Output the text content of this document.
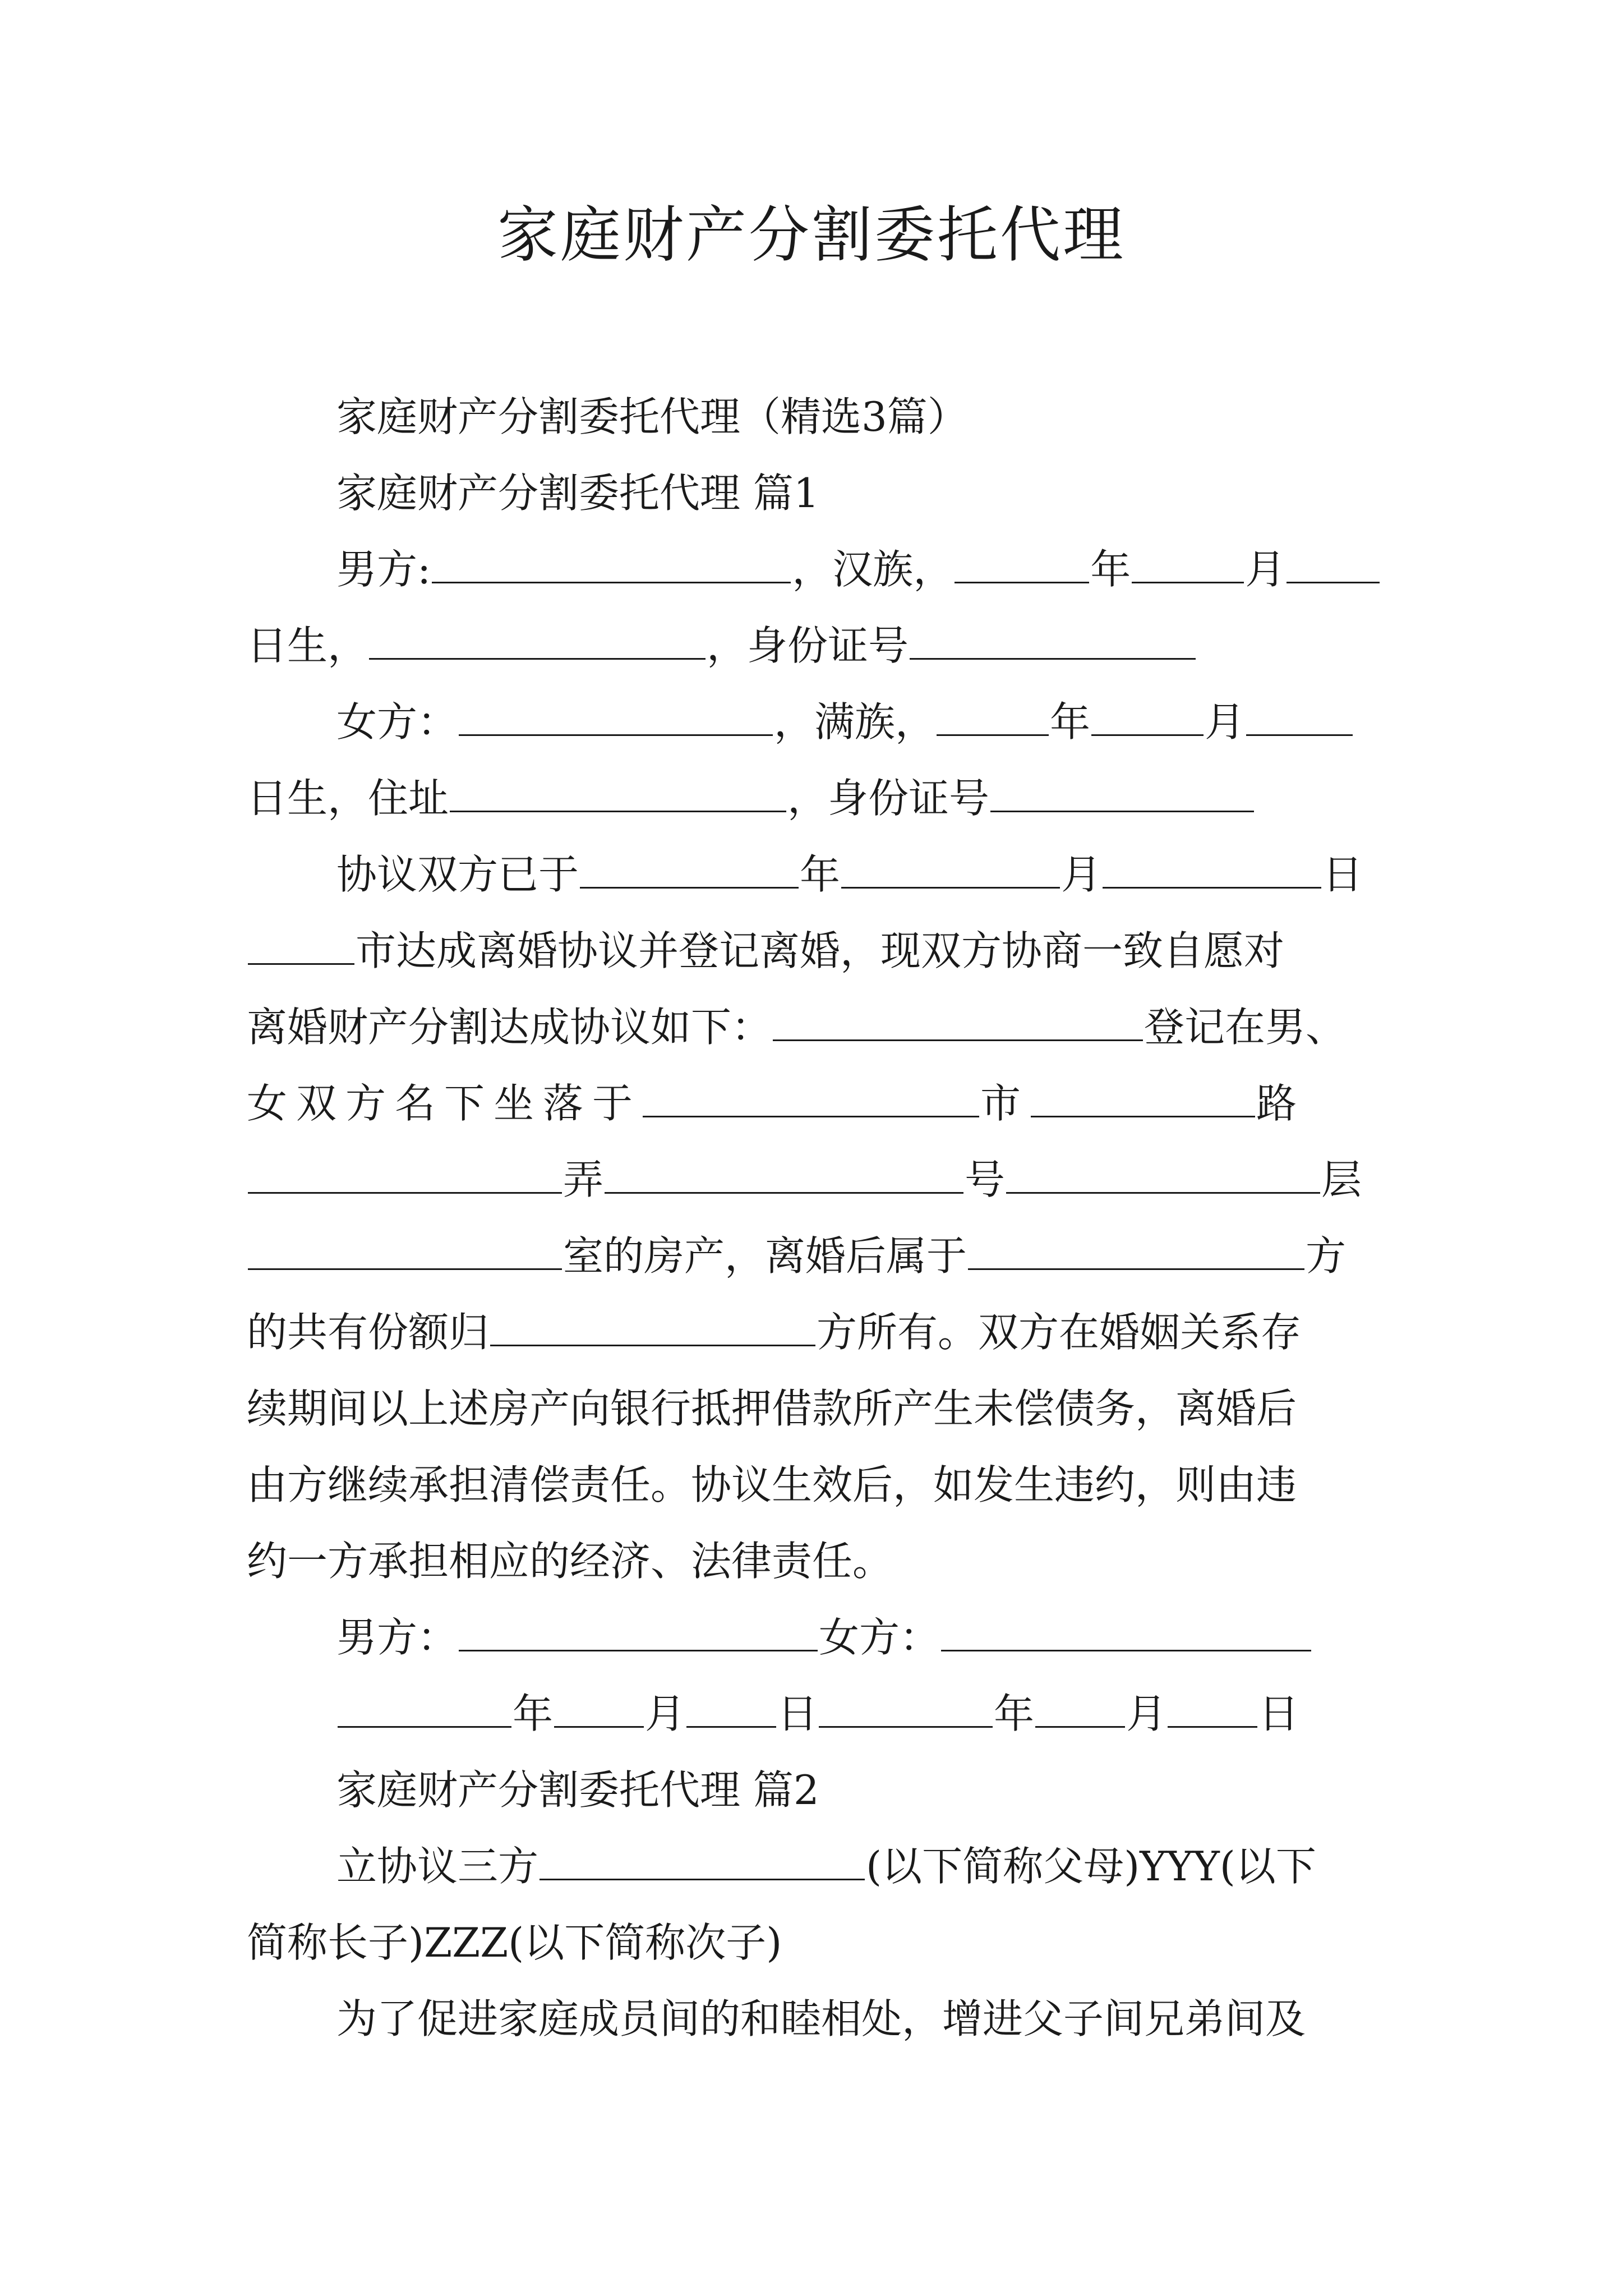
家庭财产分割委托代理
家庭财产分割委托代理（精选3篇）
家庭财产分割委托代理 篇1
男方:	，汉族，	年	月
日生，	，身份证号
女方：	，满族，	年	月
日生，住址	，身份证号
协议双方已于	年	月	日
市达成离婚协议并登记离婚，现双方协商一致自愿对
离婚财产分割达成协议如下：	登记在男、
女双方名下坐落于	市	路
弄	号	层
室的房产，离婚后属于	方
的共有份额归	方所有。双方在婚姻关系存
续期间以上述房产向银行抵押借款所产生未偿债务，离婚后
由方继续承担清偿责任。协议生效后，如发生违约，则由违
约一方承担相应的经济、法律责任。
男方：	女方：
年 月 日	年 月 日
家庭财产分割委托代理 篇2
立协议三方	(以下简称父母)YYY(以下
简称长子)ZZZ(以下简称次子)
为了促进家庭成员间的和睦相处，增进父子间兄弟间及
